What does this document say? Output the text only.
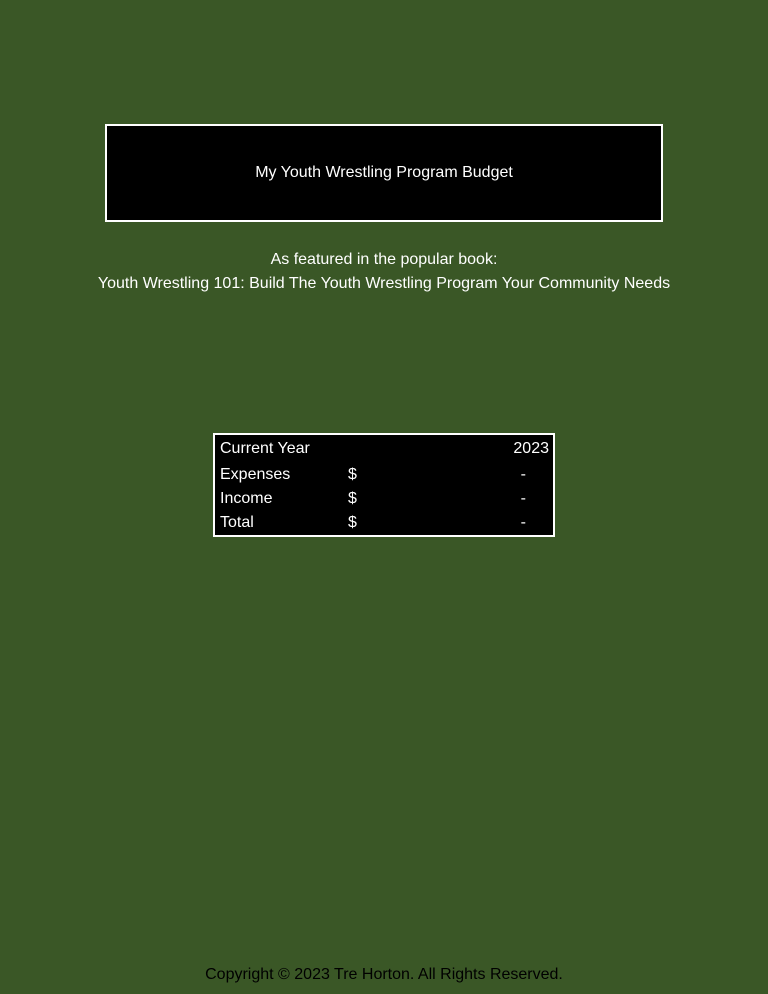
My Youth Wrestling Program Budget
As featured in the popular book:
Youth Wrestling 101: Build The Youth Wrestling Program Your Community Needs
Current Year	2023
Expenses	$	-
Income	$	-
Total	$	-
Copyright © 2023 Tre Horton. All Rights Reserved.
